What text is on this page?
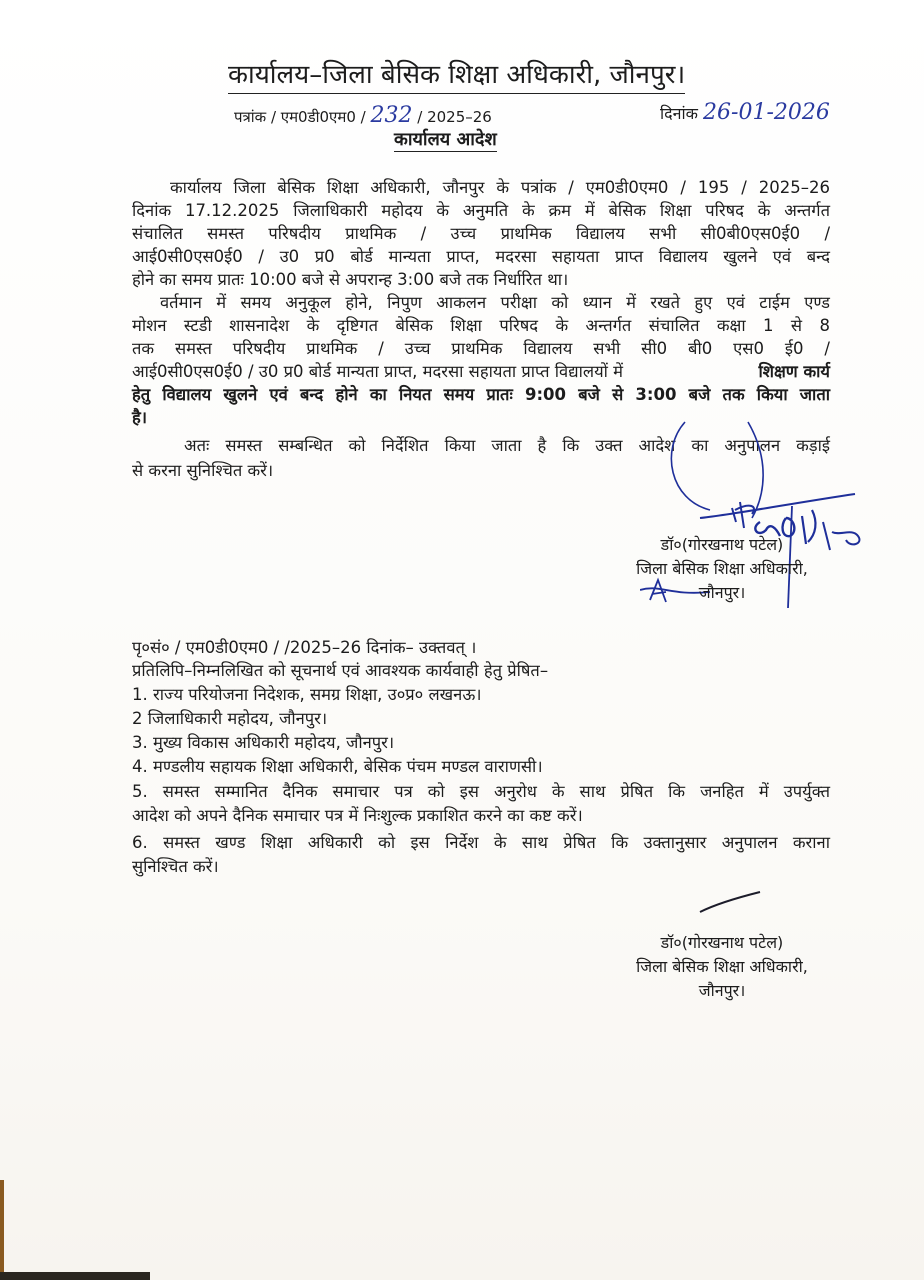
कार्यालय–जिला बेसिक शिक्षा अधिकारी, जौनपुर।
पत्रांक / एम0डी0एम0 / 232 / 2025–26	दिनांक 26-01-2026
कार्यालय आदेश
कार्यालय जिला बेसिक शिक्षा अधिकारी, जौनपुर के पत्रांक / एम0डी0एम0 / 195 / 2025–26
दिनांक 17.12.2025 जिलाधिकारी महोदय के अनुमति के क्रम में बेसिक शिक्षा परिषद के अन्तर्गत
संचालित समस्त परिषदीय प्राथमिक / उच्च प्राथमिक विद्यालय सभी सी0बी0एस0ई0 /
आई0सी0एस0ई0 / उ0 प्र0 बोर्ड मान्यता प्राप्त, मदरसा सहायता प्राप्त विद्यालय खुलने एवं बन्द
होने का समय प्रातः 10:00 बजे से अपरान्ह 3:00 बजे तक निर्धारित था।
वर्तमान में समय अनुकूल होने, निपुण आकलन परीक्षा को ध्यान में रखते हुए एवं टाईम एण्ड
मोशन स्टडी शासनादेश के दृष्टिगत बेसिक शिक्षा परिषद के अन्तर्गत संचालित कक्षा 1 से 8
तक समस्त परिषदीय प्राथमिक / उच्च प्राथमिक विद्यालय सभी सी0 बी0 एस0 ई0 /
आई0सी0एस0ई0 / उ0 प्र0 बोर्ड मान्यता प्राप्त, मदरसा सहायता प्राप्त विद्यालयों में	शिक्षण कार्य
हेतु विद्यालय खुलने एवं बन्द होने का नियत समय प्रातः 9:00 बजे से 3:00 बजे तक किया जाता
है।
अतः समस्त सम्बन्धित को निर्देशित किया जाता है कि उक्त आदेश का अनुपालन कड़ाई
से करना सुनिश्चित करें।
डॉ०(गोरखनाथ पटेल)
जिला बेसिक शिक्षा अधिकारी,
जौनपुर।
पृ०सं० / एम0डी0एम0 / /2025–26 दिनांक– उक्तवत् ।
प्रतिलिपि–निम्नलिखित को सूचनार्थ एवं आवश्यक कार्यवाही हेतु प्रेषित–
1. राज्य परियोजना निदेशक, समग्र शिक्षा, उ०प्र० लखनऊ।
2 जिलाधिकारी महोदय, जौनपुर।
3. मुख्य विकास अधिकारी महोदय, जौनपुर।
4. मण्डलीय सहायक शिक्षा अधिकारी, बेसिक पंचम मण्डल वाराणसी।
5. समस्त सम्मानित दैनिक समाचार पत्र को इस अनुरोध के साथ प्रेषित कि जनहित में उपर्युक्त
आदेश को अपने दैनिक समाचार पत्र में निःशुल्क प्रकाशित करने का कष्ट करें।
6. समस्त खण्ड शिक्षा अधिकारी को इस निर्देश के साथ प्रेषित कि उक्तानुसार अनुपालन कराना
सुनिश्चित करें।
डॉ०(गोरखनाथ पटेल)
जिला बेसिक शिक्षा अधिकारी,
जौनपुर।
